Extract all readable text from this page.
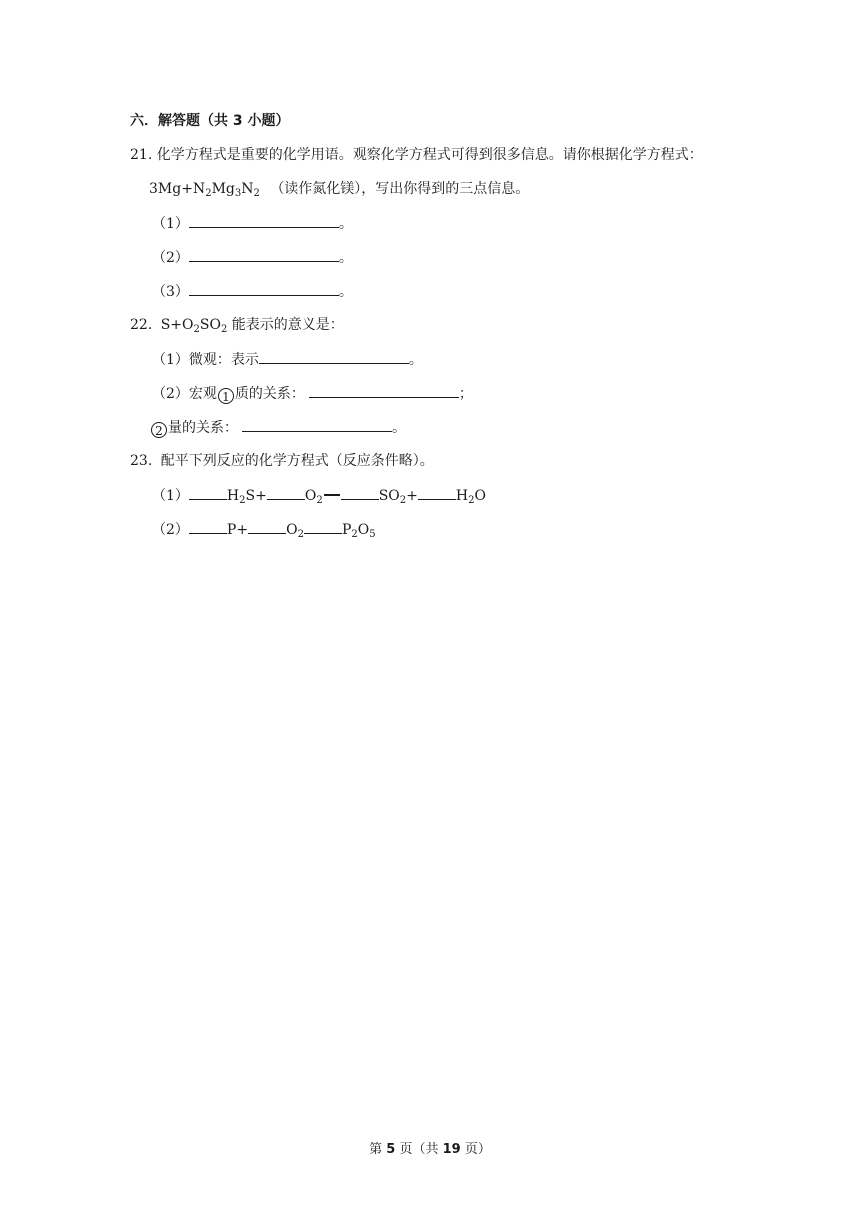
六．解答题（共 3 小题）
21. 化学方程式是重要的化学用语。观察化学方程式可得到很多信息。请你根据化学方程式：
$3Mg+N_2Mg_3N_2$ （读作氮化镁），写出你得到的三点信息。
（1）	。
（2）	。
（3）	。
22. $S+O_2SO_2$ 能表示的意义是：
（1）微观：表示	。
（2）宏观 1 质的关系：	；
2 量的关系：	。
23. 配平下列反应的化学方程式（反应条件略）。
（1）	$H_2S+$	$O_2$	$SO_2+$	$H_2O$
（2）	P+	$O_2$	$P_2O_5$
第 5 页（共 19 页）
